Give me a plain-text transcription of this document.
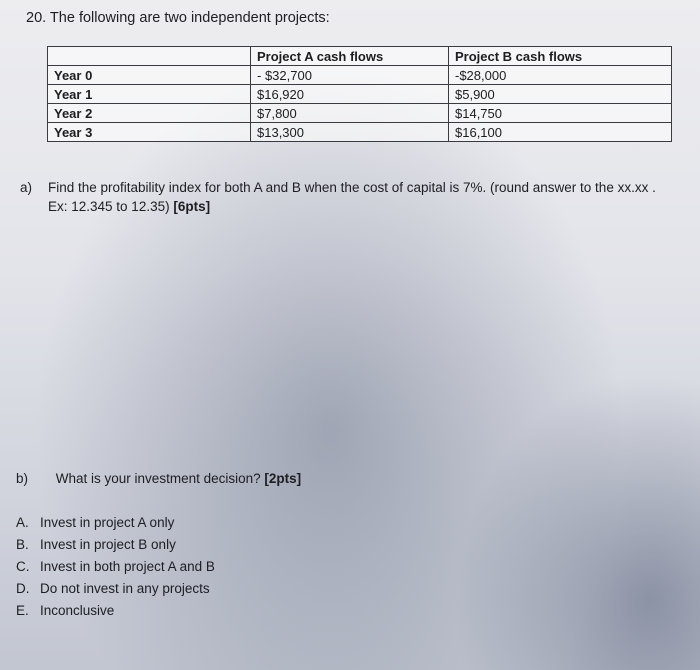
20. The following are two independent projects:
	Project A cash flows	Project B cash flows
Year 0	- $32,700	-$28,000
Year 1	$16,920	$5,900
Year 2	$7,800	$14,750
Year 3	$13,300	$16,100
a) Find the profitability index for both A and B when the cost of capital is 7%. (round answer to the xx.xx . Ex: 12.345 to 12.35) [6pts]
b) What is your investment decision? [2pts]
A. Invest in project A only
B. Invest in project B only
C. Invest in both project A and B
D. Do not invest in any projects
E. Inconclusive
